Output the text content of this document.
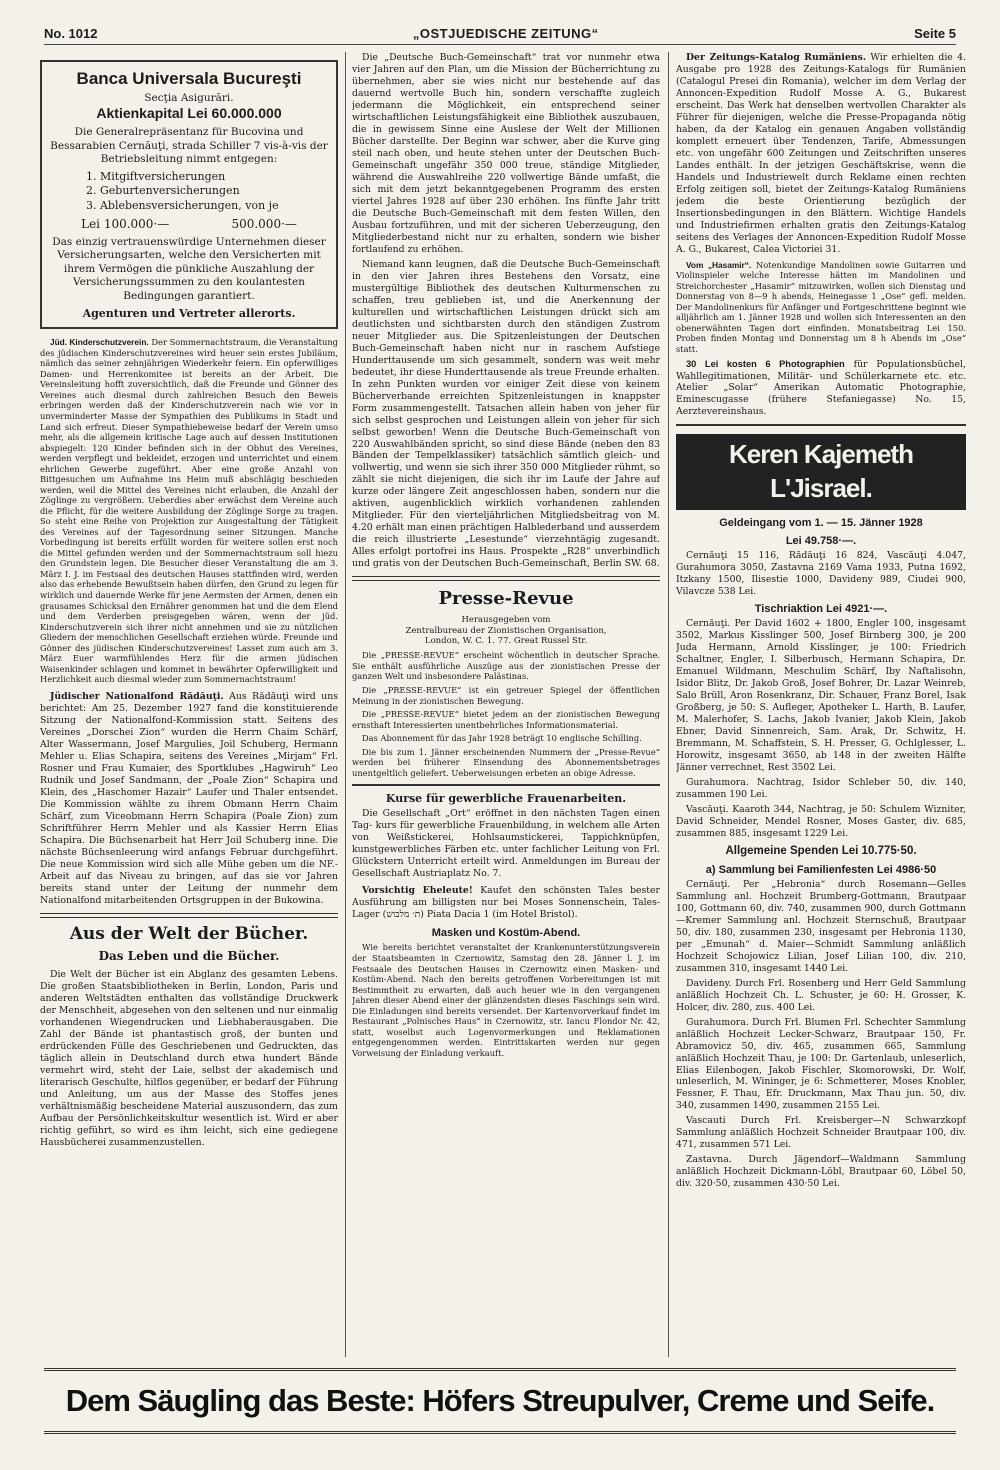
No. 1012	„OSTJUEDISCHE ZEITUNG“	Seite 5
Banca Universala Bucureşti
Secţia Asigurări.
Aktienkapital Lei 60.000.000
Die Generalrepräsentanz für Bucovina und Bessarabien Cernăuţi, strada Schiller 7 vis-à-vis der Betriebsleitung nimmt entgegen:
1. Mitgiftversicherungen
2. Geburtenversicherungen
3. Ablebensversicherungen, von je
Lei 100.000·—	500.000·—
Das einzig vertrauenswürdige Unternehmen dieser Versicherungsarten, welche den Versicherten mit ihrem Vermögen die pünkliche Auszahlung der Versicherungssummen zu den koulantesten Bedingungen garantiert.
Agenturen und Vertreter allerorts.

Jüd. Kinderschutzverein. Der Sommernachtstraum, die Veranstaltung des jüdischen Kinderschutzvereines wird heuer sein erstes Jubiläum, nämlich das seiner zehnjährigen Wiederkehr feiern. Ein opferwilliges Damen- und Herrenkomitee ist bereits an der Arbeit. Die Vereinsleitung hofft zuversichtlich, daß die Freunde und Gönner des Vereines auch diesmal durch zahlreichen Besuch den Beweis erbringen werden daß der Kinderschutzverein nach wie vor in unverminderter Masse der Sympathien des Publikums in Stadt und Land sich erfreut. Dieser Sympathiebeweise bedarf der Verein umso mehr, als die allgemein kritische Lage auch auf dessen Institutionen abspiegelt: 120 Kinder befinden sich in der Obhut des Vereines, werden verpflegt und bekleidet, erzogen und unterrichtet und einem ehrlichen Gewerbe zugeführt. Aber eine große Anzahl von Bittgesuchen um Aufnahme ins Heim muß abschlägig beschieden werden, weil die Mittel des Vereines nicht erlauben, die Anzahl der Zöglinge zu vergrößern. Ueberdies aber erwächst dem Vereine auch die Pflicht, für die weitere Ausbildung der Zöglinge Sorge zu tragen. So steht eine Reihe von Projektion zur Ausgestaltung der Tätigkeit des Vereines auf der Tagesordnung seiner Sitzungen. Manche Vorbedingung ist bereits erfüllt worden für weitere sollen erst noch die Mittel gefunden werden und der Sommernachtstraum soll hiezu den Grundstein legen. Die Besucher dieser Veranstaltung die am 3. März I. J. im Festsaal des deutschen Hauses stattfinden wird, werden also das erhebende Bewußtsein haben dürfen, den Grund zu legen für wirklich und dauernde Werke für jene Aermsten der Armen, denen ein grausames Schicksal den Ernährer genommen hat und die dem Elend und dem Verderben preisgegeben wären, wenn der jüd. Kinderschutzverein sich ihrer nicht annehmen und sie zu nützlichen Gliedern der menschlichen Gesellschaft erziehen würde. Freunde und Gönner des jüdischen Kinderschutzvereines! Lasset zum auch am 3. März Euer warmfühlendes Herz für die armen jüdischen Waisenkinder schlagen und kommet in bewährter Opferwilligkeit und Herzlichkeit auch diesmal wieder zum Sommernachtstraum!

Jüdischer Nationalfond Rădăuţi. Aus Rădăuţi wird uns berichtet: Am 25. Dezember 1927 fand die konstituierende Sitzung der Nationalfond-Kommission statt. Seitens des Vereines „Dorschei Zion“ wurden die Herrn Chaim Schärf, Alter Wassermann, Josef Margulies, Joil Schuberg, Hermann Mehler u. Elias Schapira, seitens des Vereines „Mirjam“ Frl. Rosner und Frau Kumaier, des Sportklubes „Hagwiruh“ Leo Rudnik und Josef Sandmann, der „Poale Zion“ Schapira und Klein, des „Haschomer Hazair“ Laufer und Thaler entsendet. Die Kommission wählte zu ihrem Obmann Herrn Chaim Schärf, zum Viceobmann Herrn Schapira (Poale Zion) zum Schriftführer Herrn Mehler und als Kassier Herrn Elias Schapira. Die Büchsenarbeit hat Herr Joil Schuberg inne. Die nächste Büchsenleerung wird anfangs Februar durchgeführt. Die neue Kommission wird sich alle Mühe geben um die NF.-Arbeit auf das Niveau zu bringen, auf das sie vor Jahren bereits stand unter der Leitung der nunmehr dem Nationalfond mitarbeitenden Ortsgruppen in der Bukowina.

Aus der Welt der Bücher.
Das Leben und die Bücher.

Die Welt der Bücher ist ein Abglanz des gesamten Lebens. Die großen Staatsbibliotheken in Berlin, London, Paris und anderen Weltstädten enthalten das vollständige Druckwerk der Menschheit, abgesehen von den seltenen und nur einmalig vorhandenen Wiegendrucken und Liebhaberausgaben. Die Zahl der Bände ist phantastisch groß, der bunten und erdrückenden Fülle des Geschriebenen und Gedruckten, das täglich allein in Deutschland durch etwa hundert Bände vermehrt wird, steht der Laie, selbst der akademisch und literarisch Geschulte, hilflos gegenüber, er bedarf der Führung und Anleitung, um aus der Masse des Stoffes jenes verhältnismäßig bescheidene Material auszusondern, das zum Aufbau der Persönlichkeitskultur wesentlich ist. Wird er aber richtig geführt, so wird es ihm leicht, sich eine gediegene Hausbücherei zusammenzustellen.

Die „Deutsche Buch-Gemeinschaft“ trat vor nunmehr etwa vier Jahren auf den Plan, um die Mission der Bücherrichtung zu übernehmen, aber sie wies nicht nur bestehende auf das dauernd wertvolle Buch hin, sondern verschaffte zugleich jedermann die Möglichkeit, ein entsprechend seiner wirtschaftlichen Leistungsfähigkeit eine Bibliothek auszubauen, die in gewissem Sinne eine Auslese der Welt der Millionen Bücher darstellte. Der Beginn war schwer, aber die Kurve ging steil nach oben, und heute stehen unter der Deutschen Buch-Gemeinschaft ungefähr 350 000 treue, ständige Mitglieder, während die Auswahlreihe 220 vollwertige Bände umfaßt, die sich mit dem jetzt bekanntgegebenen Programm des ersten viertel Jahres 1928 auf über 230 erhöhen. Ins fünfte Jahr tritt die Deutsche Buch-Gemeinschaft mit dem festen Willen, den Ausbau fortzuführen, und mit der sicheren Ueberzeugung, den Mitgliederbestand nicht nur zu erhalten, sondern wie bisher fortlaufend zu erhöhen.

Niemand kann leugnen, daß die Deutsche Buch-Gemeinschaft in den vier Jahren ihres Bestehens den Vorsatz, eine mustergültige Bibliothek des deutschen Kulturmenschen zu schaffen, treu geblieben ist, und die Anerkennung der kulturellen und wirtschaftlichen Leistungen drückt sich am deutlichsten und sichtbarsten durch den ständigen Zustrom neuer Mitglieder aus. Die Spitzenleistungen der Deutschen Buch-Gemeinschaft haben nicht nur in raschem Aufstiege Hunderttausende um sich gesammelt, sondern was weit mehr bedeutet, ihr diese Hunderttausende als treue Freunde erhalten. In zehn Punkten wurden vor einiger Zeit diese von keinem Bücherverbande erreichten Spitzenleistungen in knappster Form zusammengestellt. Tatsachen allein haben von jeher für sich selbst gesprochen und Leistungen allein von jeher für sich selbst geworben! Wenn die Deutsche Buch-Gemeinschaft von 220 Auswahlbänden spricht, so sind diese Bände (neben den 83 Bänden der Tempelklassiker) tatsächlich sämtlich gleich- und vollwertig, und wenn sie sich ihrer 350 000 Mitglieder rühmt, so zählt sie nicht diejenigen, die sich ihr im Laufe der Jahre auf kurze oder längere Zeit angeschlossen haben, sondern nur die aktiven, augenblicklich wirklich vorhandenen zahlenden Mitglieder. Für den vierteljährlichen Mitgliedsbeitrag von M. 4.20 erhält man einen prächtigen Halblederband und ausserdem die reich illustrierte „Lesestunde“ vierzehntägig zugesandt. Alles erfolgt portofrei ins Haus. Prospekte „R28“ unverbindlich und gratis von der Deutschen Buch-Gemeinschaft, Berlin SW. 68.

Presse-Revue
Herausgegeben vom
Zentralbureau der Zionistischen Organisation,
London, W. C. 1. 77. Great Russel Str.

Die „PRESSE-REVUE“ erscheint wöchentlich in deutscher Sprache. Sie enthält ausführliche Auszüge aus der zionistischen Presse der ganzen Welt und insbesondere Palästinas.

Die „PRESSE-REVUE“ ist ein getreuer Spiegel der öffentlichen Meinung in der zionistischen Bewegung.

Die „PRESSE-REVUE“ bietet jedem an der zionistischen Bewegung ernsthaft Interessierten unentbehrliches Informationsmaterial.

Das Abonnement für das Jahr 1928 beträgt 10 englische Schilling.

Die bis zum 1. Jänner erscheinenden Nummern der „Presse-Revue“ werden bei früherer Einsendung des Abonnementsbetrages unentgeltlich geliefert. Ueberweisungen erbeten an obige Adresse.

Kurse für gewerbliche Frauenarbeiten.

Die Gesellschaft „Ort“ eröffnet in den nächsten Tagen einen Tag- kurs für gewerbliche Frauenbildung, in welchem alle Arten von Weißstickerei, Hohlsaumstickerei, Tappichknüpfen, kunstgewerbliches Färben etc. unter fachlicher Leitung von Frl. Glückstern Unterricht erteilt wird. Anmeldungen im Bureau der Gesellschaft Austriaplatz No. 7.

Vorsichtig Eheleute! Kaufet den schönsten Tales bester Ausführung am billigsten nur bei Moses Sonnenschein, Tales-Lager (ת׳ מלבוש) Piata Dacia 1 (im Hotel Bristol).

Masken und Kostüm-Abend.

Wie bereits berichtet veranstaltet der Krankenunterstützungsverein der Staatsbeamten in Czernowitz, Samstag den 28. Jänner l. J. im Festsaale des Deutschen Hauses in Czernowitz einen Masken- und Kostüm-Abend. Nach den bereits getroffenen Vorbereitungen ist mit Bestimmtheit zu erwarten, daß auch heuer wie in den vergangenen Jahren dieser Abend einer der glänzendsten dieses Faschings sein wird. Die Einladungen sind bereits versendet. Der Kartenvorverkauf findet im Restaurant „Polnisches Haus“ in Czernowitz, str. Iancu Flondor Nr. 42, statt, woselbst auch Logenvormerkungen und Reklamationen entgegengenommen werden. Eintrittskarten werden nur gegen Vorweisung der Einladung verkauft.

Der Zeitungs-Katalog Rumäniens. Wir erhielten die 4. Ausgabe pro 1928 des Zeitungs-Katalogs für Rumänien (Catalogul Presei din Romania), welcher im dem Verlag der Annoncen-Expedition Rudolf Mosse A. G., Bukarest erscheint. Das Werk hat denselben wertvollen Charakter als Führer für diejenigen, welche die Presse-Propaganda nötig haben, da der Katalog ein genauen Angaben vollständig komplett erneuert über Tendenzen, Tarife, Abmessungen etc. von ungefähr 600 Zeitungen und Zeitschriften unseres Landes enthält. In der jetzigen Geschäftskrise, wenn die Handels und Industriewelt durch Reklame einen rechten Erfolg zeitigen soll, bietet der Zeitungs-Katalog Rumäniens jedem die beste Orientierung bezüglich der Insertionsbedingungen in den Blättern. Wichtige Handels und Industriefirmen erhalten gratis den Zeitungs-Katalog seitens des Verlages der Annoncen-Expedition Rudolf Mosse A. G., Bukarest, Calea Victoriei 31.

Vom „Hasamir“. Notenkundige Mandolinen sowie Guitarren und Violinspieler welche Interesse hätten im Mandolinen und Streichorchester „Hasamir“ mitzuwirken, wollen sich Dienstag und Donnerstag von 8—9 h abends, Heinegasse 1 „Ose“ gefl. melden. Der Mandolinenkurs für Anfänger und Fortgeschrittene beginnt wie alljährlich am 1. Jänner 1928 und wollen sich Interessenten an den obenerwähnten Tagen dort einfinden. Monatsbeitrag Lei 150. Proben finden Montag und Donnerstag um 8 h Abends im „Ose“ statt.

30 Lei kosten 6 Photographien für Populationsbüchel, Wahllegitimationen, Militär- und Schülerkarnete etc. etc. Atelier „Solar“ Amerikan Automatic Photographie, Eminescugasse (frühere Stefaniegasse) No. 15, Aerztevereinshaus.

Keren Kajemeth L'Jisrael.
Geldeingang vom 1. — 15. Jänner 1928
Lei 49.758·—.

Cernăuţi 15 116, Rădăuţi 16 824, Vascăuţi 4.047, Gurahumora 3050, Zastavna 2169 Vama 1933, Putna 1692, Itzkany 1500, Ilisestie 1000, Davideny 989, Ciudei 900, Vilavcze 538 Lei.

Tischriaktion Lei 4921·—.

Cernăuţi. Per David 1602 + 1800, Engler 100, insgesamt 3502, Markus Kisslinger 500, Josef Birnberg 300, je 200 Juda Hermann, Arnold Kisslinger, je 100: Friedrich Schaltner, Engler, I. Silberbusch, Hermann Schapira, Dr. Emanuel Wildmann, Meschulim Schärf, Iby Naftalisohn, Isidor Blitz, Dr. Jakob Groß, Josef Bohrer, Dr. Lazar Weinreb, Salo Brüll, Aron Rosenkranz, Dir. Schauer, Franz Borel, Isak Großberg, je 50: S. Aufleger, Apotheker L. Harth, B. Laufer, M. Malerhofer, S. Lachs, Jakob Ivanier, Jakob Klein, Jakob Ebner, David Sinnenreich, Sam. Arak, Dr. Schwitz, H. Bremmann, M. Schaffstein, S. H. Presser, G. Ochlglesser, L. Horowitz, insgesamt 3650, ab 148 in der zweiten Hälfte Jänner verrechnet, Rest 3502 Lei.

Gurahumora. Nachtrag, Isidor Schleber 50, div. 140, zusammen 190 Lei.

Vascăuţi. Kaaroth 344, Nachtrag, je 50: Schulem Wizniter, David Schneider, Mendel Rosner, Moses Gaster, div. 685, zusammen 885, insgesamt 1229 Lei.

Allgemeine Spenden Lei 10.775·50.
a) Sammlung bei Familienfesten Lei 4986·50

Cernăuţi. Per „Hebronia“ durch Rosemann—Gelles Sammlung anl. Hochzeit Brumberg-Gottmann, Brautpaar 100, Gottmann 60, div. 740, zusammen 900, durch Gottmann—Kremer Sammlung anl. Hochzeit Sternschuß, Brautpaar 50, div. 180, zusammen 230, insgesamt per Hebronia 1130, per „Emunah“ d. Maier—Schmidt Sammlung anläßlich Hochzeit Schojowicz Lilian, Josef Lilian 100, div. 210, zusammen 310, insgesamt 1440 Lei.

Davideny. Durch Frl. Rosenberg und Herr Geld Sammlung anläßlich Hochzeit Ch. L. Schuster, je 60: H. Grosser, K. Holcer, div. 280, zus. 400 Lei.

Gurahumora. Durch Frl. Blumen Frl. Schechter Sammlung anläßlich Hochzeit Lecker-Schwarz, Brautpaar 150, Fr. Abramovicz 50, div. 465, zusammen 665, Sammlung anläßlich Hochzeit Thau, je 100: Dr. Gartenlaub, unleserlich, Elias Eilenbogen, Jakob Fischler, Skomorowski, Dr. Wolf, unleserlich, M. Wininger, je 6: Schmetterer, Moses Knobler, Fessner, F. Thau, Efr. Druckmann, Max Thau jun. 50, div. 340, zusammen 1490, zusammen 2155 Lei.

Vascauti Durch Frl. Kreisberger—N Schwarzkopf Sammlung anläßlich Hochzeit Schneider Brautpaar 100, div. 471, zusammen 571 Lei.

Zastavna. Durch Jägendorf—Waldmann Sammlung anläßlich Hochzeit Dickmann-Löbl, Brautpaar 60, Löbel 50, div. 320·50, zusammen 430·50 Lei.

Dem Säugling das Beste: Höfers Streupulver, Creme und Seife.
